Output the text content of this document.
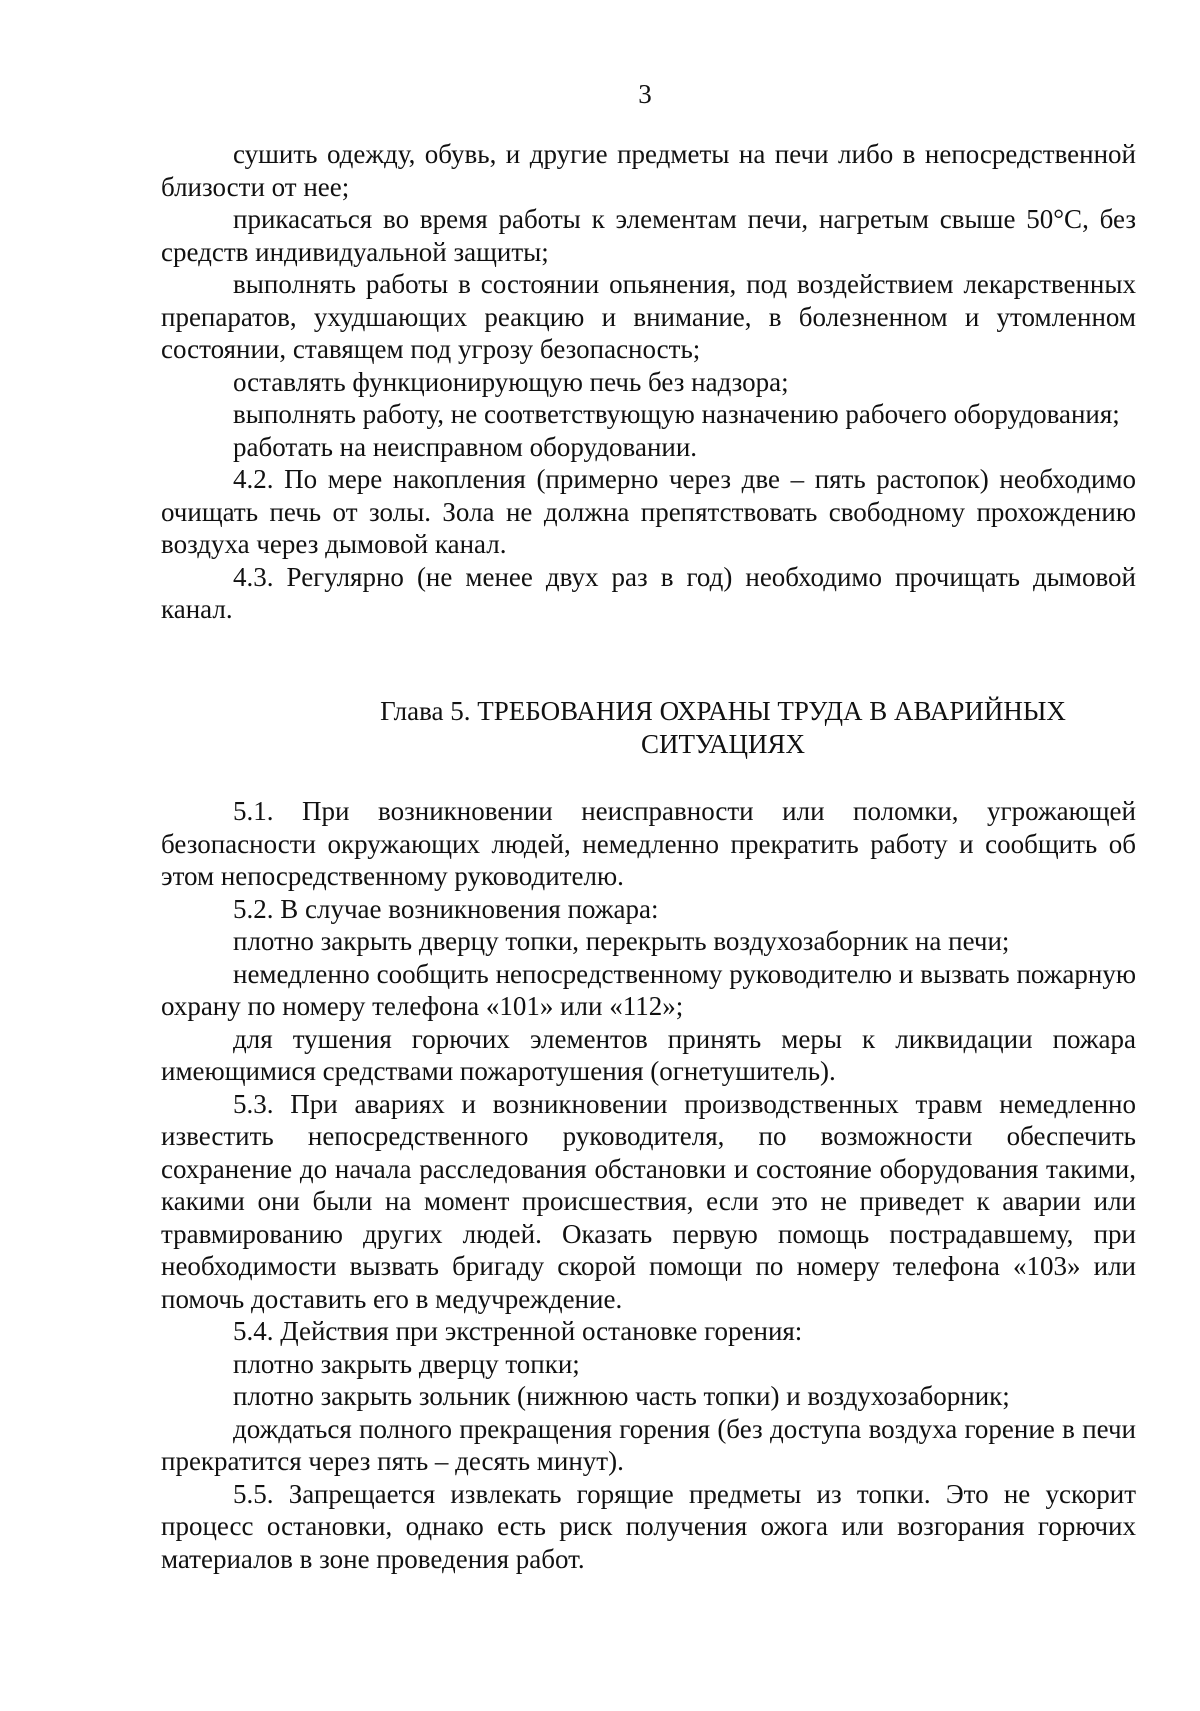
3

сушить одежду, обувь, и другие предметы на печи либо в непосредственной близости от нее;

прикасаться во время работы к элементам печи, нагретым свыше 50°С, без средств индивидуальной защиты;

выполнять работы в состоянии опьянения, под воздействием лекарственных препаратов, ухудшающих реакцию и внимание, в болезненном и утомленном состоянии, ставящем под угрозу безопасность;

оставлять функционирующую печь без надзора;

выполнять работу, не соответствующую назначению рабочего оборудования;

работать на неисправном оборудовании.

4.2. По мере накопления (примерно через две – пять растопок) необходимо очищать печь от золы. Зола не должна препятствовать свободному прохождению воздуха через дымовой канал.

4.3. Регулярно (не менее двух раз в год) необходимо прочищать дымовой канал.

Глава 5. ТРЕБОВАНИЯ ОХРАНЫ ТРУДА В АВАРИЙНЫХ
СИТУАЦИЯХ

5.1. При возникновении неисправности или поломки, угрожающей безопасности окружающих людей, немедленно прекратить работу и сообщить об этом непосредственному руководителю.

5.2. В случае возникновения пожара:

плотно закрыть дверцу топки, перекрыть воздухозаборник на печи;

немедленно сообщить непосредственному руководителю и вызвать пожарную охрану по номеру телефона «101» или «112»;

для тушения горючих элементов принять меры к ликвидации пожара имеющимися средствами пожаротушения (огнетушитель).

5.3. При авариях и возникновении производственных травм немедленно известить непосредственного руководителя, по возможности обеспечить сохранение до начала расследования обстановки и состояние оборудования такими, какими они были на момент происшествия, если это не приведет к аварии или травмированию других людей. Оказать первую помощь пострадавшему, при необходимости вызвать бригаду скорой помощи по номеру телефона «103» или помочь доставить его в медучреждение.

5.4. Действия при экстренной остановке горения:

плотно закрыть дверцу топки;

плотно закрыть зольник (нижнюю часть топки) и воздухозаборник;

дождаться полного прекращения горения (без доступа воздуха горение в печи прекратится через пять – десять минут).

5.5. Запрещается извлекать горящие предметы из топки. Это не ускорит процесс остановки, однако есть риск получения ожога или возгорания горючих материалов в зоне проведения работ.
